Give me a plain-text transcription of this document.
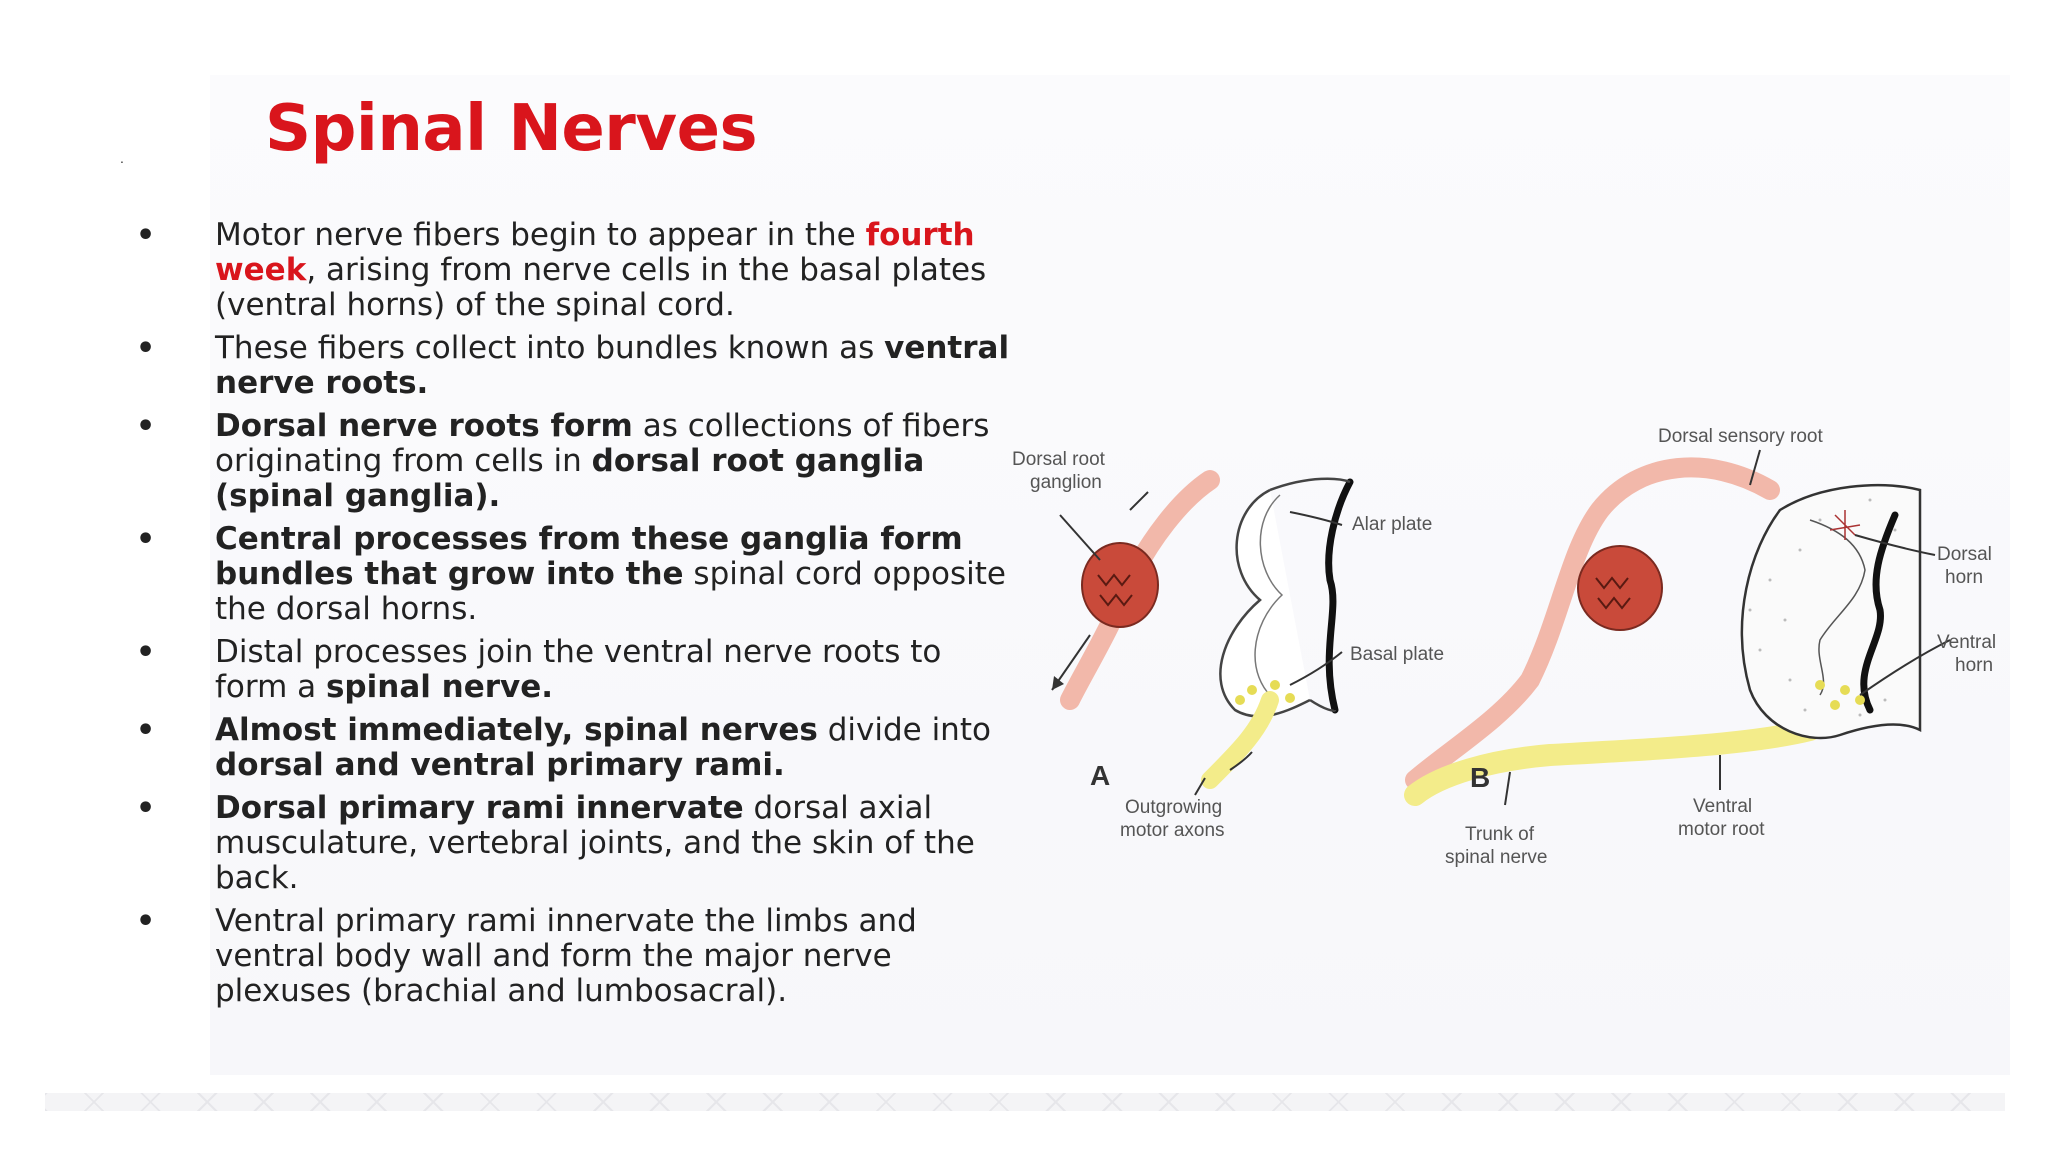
. Spinal Nerves
• Motor nerve fibers begin to appear in the fourth week, arising from nerve cells in the basal plates (ventral horns) of the spinal cord.
• These fibers collect into bundles known as ventral nerve roots.
• Dorsal nerve roots form as collections of fibers originating from cells in dorsal root ganglia (spinal ganglia).
• Central processes from these ganglia form bundles that grow into the spinal cord opposite the dorsal horns.
• Distal processes join the ventral nerve roots to form a spinal nerve.
• Almost immediately, spinal nerves divide into dorsal and ventral primary rami.
• Dorsal primary rami innervate dorsal axial musculature, vertebral joints, and the skin of the back.
• Ventral primary rami innervate the limbs and ventral body wall and form the major nerve plexuses (brachial and lumbosacral).
Dorsal root
ganglion
Alar plate
Basal plate
A
Outgrowing
motor axons
Dorsal sensory root
Dorsal
horn
Ventral
horn
B
Trunk of
spinal nerve
Ventral
motor root
